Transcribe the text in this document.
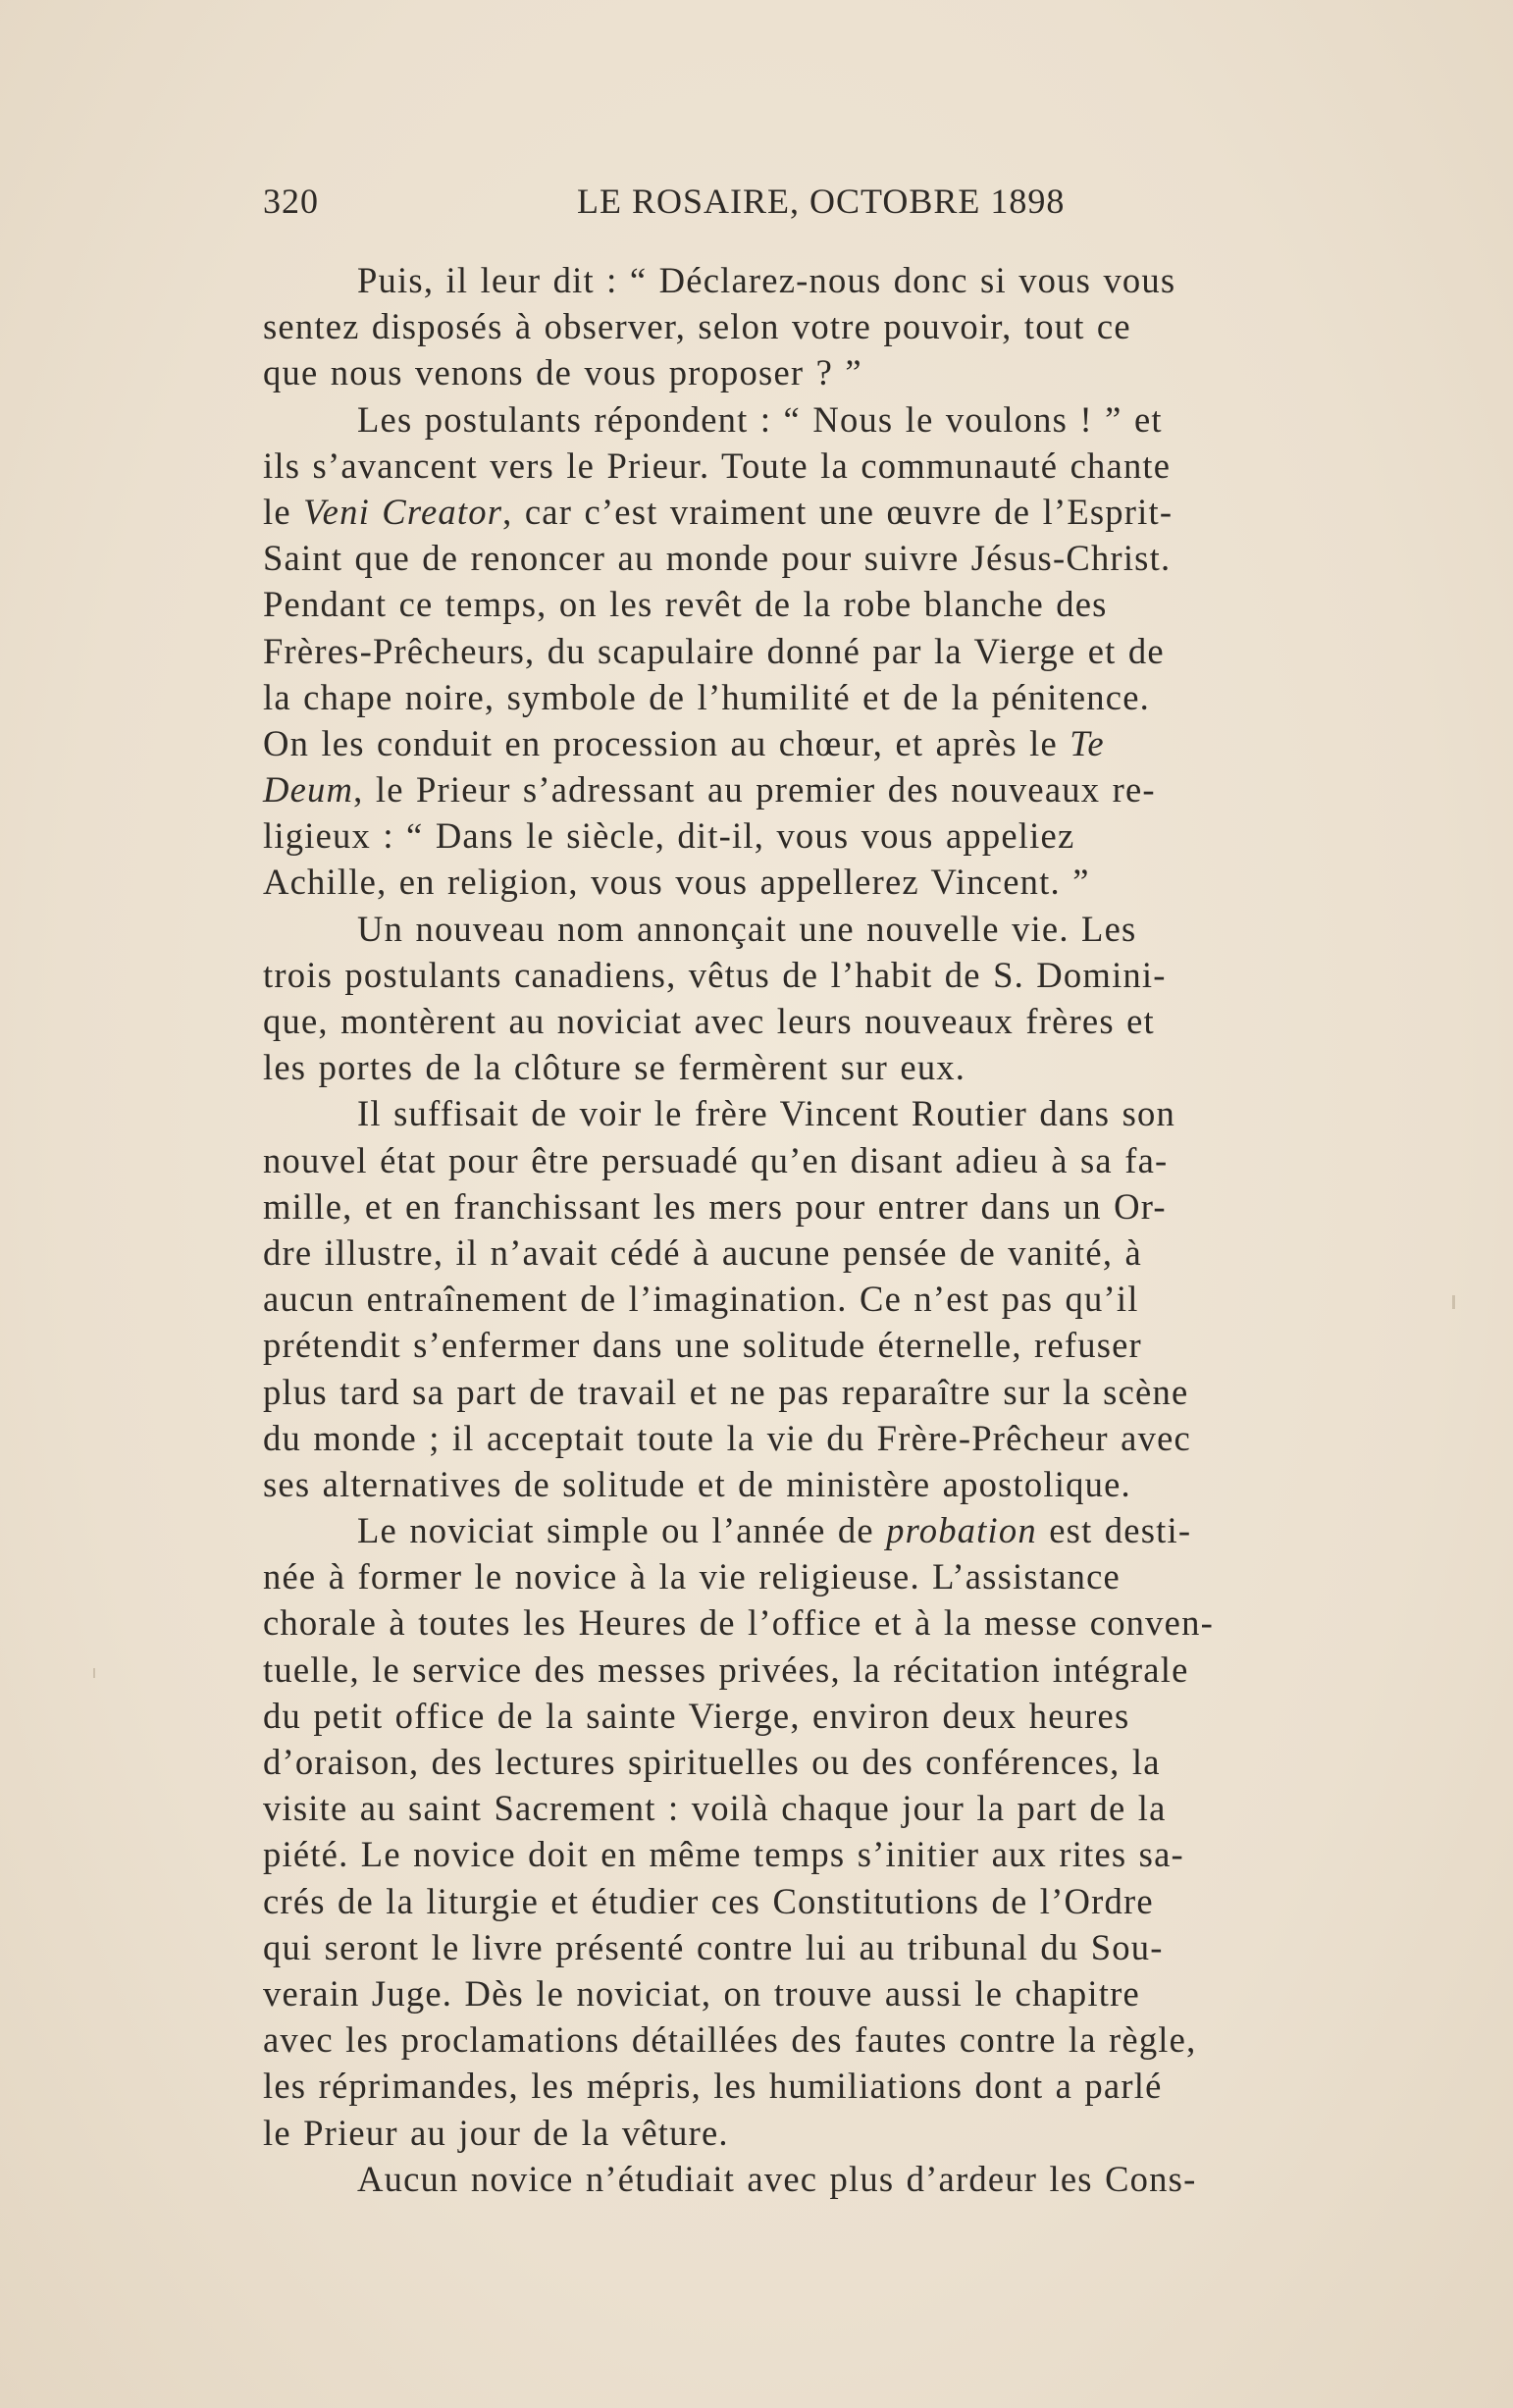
320	LE ROSAIRE, OCTOBRE 1898
Puis, il leur dit : “ Déclarez-nous donc si vous vous
sentez disposés à observer, selon votre pouvoir, tout ce
que nous venons de vous proposer ? ”
Les postulants répondent : “ Nous le voulons ! ” et
ils s’avancent vers le Prieur. Toute la communauté chante
le Veni Creator, car c’est vraiment une œuvre de l’Esprit-
Saint que de renoncer au monde pour suivre Jésus-Christ.
Pendant ce temps, on les revêt de la robe blanche des
Frères-Prêcheurs, du scapulaire donné par la Vierge et de
la chape noire, symbole de l’humilité et de la pénitence.
On les conduit en procession au chœur, et après le Te
Deum, le Prieur s’adressant au premier des nouveaux re-
ligieux : “ Dans le siècle, dit-il, vous vous appeliez
Achille, en religion, vous vous appellerez Vincent. ”
Un nouveau nom annonçait une nouvelle vie. Les
trois postulants canadiens, vêtus de l’habit de S. Domini-
que, montèrent au noviciat avec leurs nouveaux frères et
les portes de la clôture se fermèrent sur eux.
Il suffisait de voir le frère Vincent Routier dans son
nouvel état pour être persuadé qu’en disant adieu à sa fa-
mille, et en franchissant les mers pour entrer dans un Or-
dre illustre, il n’avait cédé à aucune pensée de vanité, à
aucun entraînement de l’imagination. Ce n’est pas qu’il
prétendit s’enfermer dans une solitude éternelle, refuser
plus tard sa part de travail et ne pas reparaître sur la scène
du monde ; il acceptait toute la vie du Frère-Prêcheur avec
ses alternatives de solitude et de ministère apostolique.
Le noviciat simple ou l’année de probation est desti-
née à former le novice à la vie religieuse. L’assistance
chorale à toutes les Heures de l’office et à la messe conven-
tuelle, le service des messes privées, la récitation intégrale
du petit office de la sainte Vierge, environ deux heures
d’oraison, des lectures spirituelles ou des conférences, la
visite au saint Sacrement : voilà chaque jour la part de la
piété. Le novice doit en même temps s’initier aux rites sa-
crés de la liturgie et étudier ces Constitutions de l’Ordre
qui seront le livre présenté contre lui au tribunal du Sou-
verain Juge. Dès le noviciat, on trouve aussi le chapitre
avec les proclamations détaillées des fautes contre la règle,
les réprimandes, les mépris, les humiliations dont a parlé
le Prieur au jour de la vêture.
Aucun novice n’étudiait avec plus d’ardeur les Cons-
